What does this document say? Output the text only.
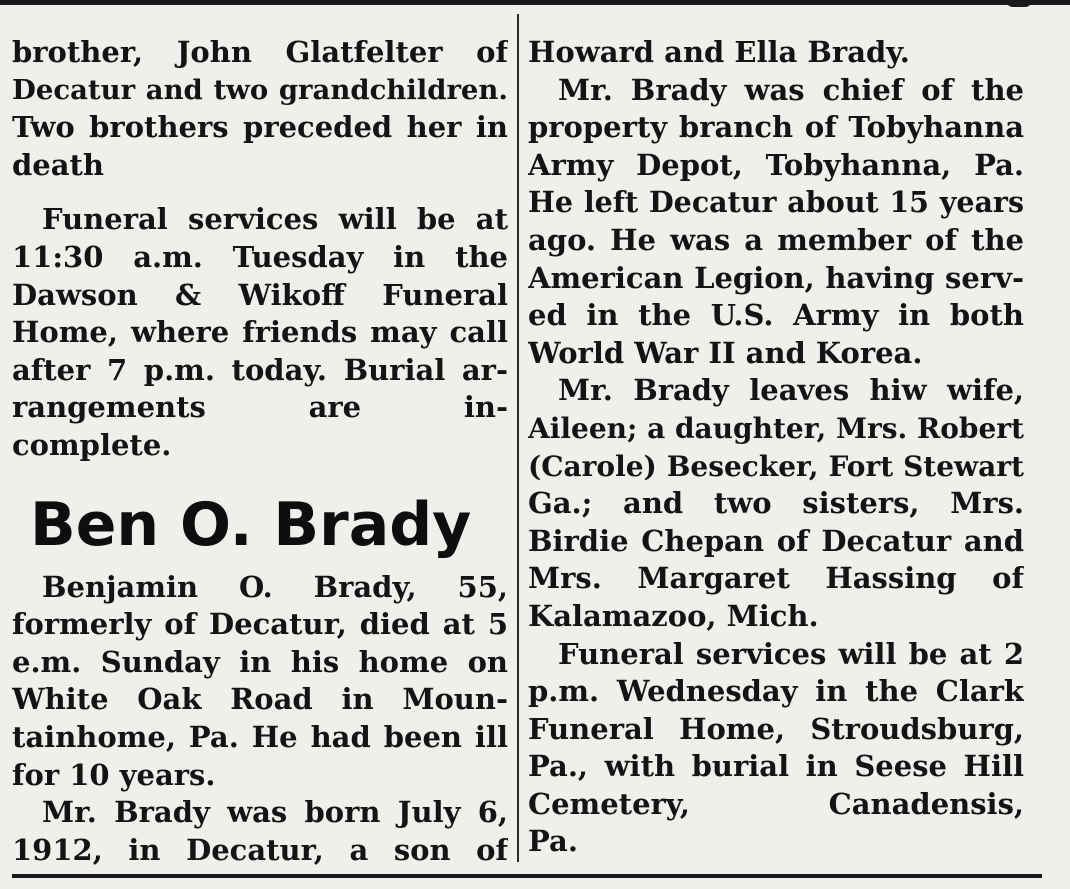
brother, John Glatfelter of
Decatur and two grandchildren.
Two brothers preceded her in
death
Funeral services will be at
11:30 a.m. Tuesday in the
Dawson & Wikoff Funeral
Home, where friends may call
after 7 p.m. today. Burial ar-
rangements are in-
complete.
Ben O. Brady
Benjamin O. Brady, 55,
formerly of Decatur, died at 5
e.m. Sunday in his home on
White Oak Road in Moun-
tainhome, Pa. He had been ill
for 10 years.
Mr. Brady was born July 6,
1912, in Decatur, a son of
Howard and Ella Brady.
Mr. Brady was chief of the
property branch of Tobyhanna
Army Depot, Tobyhanna, Pa.
He left Decatur about 15 years
ago. He was a member of the
American Legion, having serv-
ed in the U.S. Army in both
World War II and Korea.
Mr. Brady leaves hiw wife,
Aileen; a daughter, Mrs. Robert
(Carole) Besecker, Fort Stewart
Ga.; and two sisters, Mrs.
Birdie Chepan of Decatur and
Mrs. Margaret Hassing of
Kalamazoo, Mich.
Funeral services will be at 2
p.m. Wednesday in the Clark
Funeral Home, Stroudsburg,
Pa., with burial in Seese Hill
Cemetery, Canadensis,
Pa.
